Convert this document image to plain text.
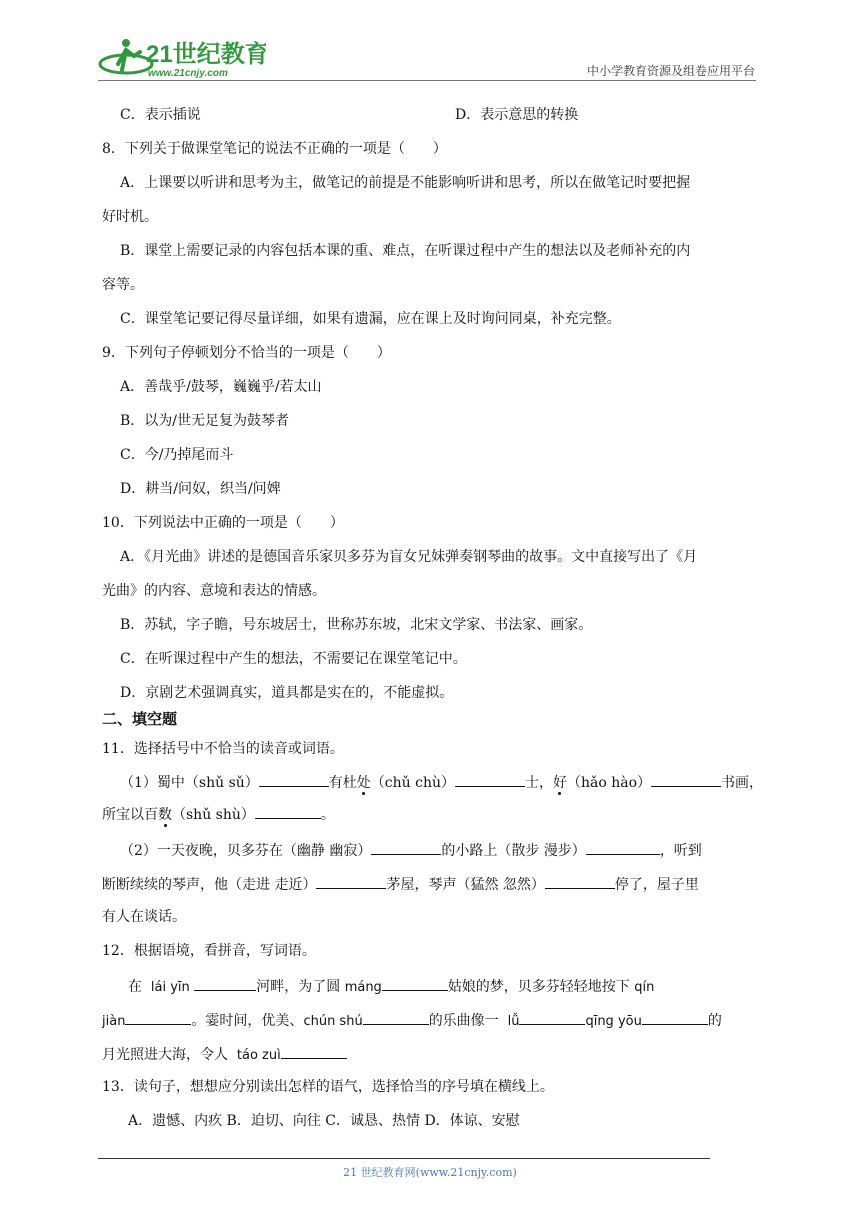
21世纪教育
www.21cnjy.com	中小学教育资源及组卷应用平台
C．表示插说	D．表示意思的转换
8．下列关于做课堂笔记的说法不正确的一项是（　　）
A．上课要以听讲和思考为主，做笔记的前提是不能影响听讲和思考，所以在做笔记时要把握
好时机。
B．课堂上需要记录的内容包括本课的重、难点，在听课过程中产生的想法以及老师补充的内
容等。
C．课堂笔记要记得尽量详细，如果有遗漏，应在课上及时询问同桌，补充完整。
9．下列句子停顿划分不恰当的一项是（　　）
A．善哉乎/鼓琴，巍巍乎/若太山
B．以为/世无足复为鼓琴者
C．今/乃掉尾而斗
D．耕当/问奴，织当/问婢
10．下列说法中正确的一项是（　　）
A．《月光曲》讲述的是德国音乐家贝多芬为盲女兄妹弹奏钢琴曲的故事。文中直接写出了《月
光曲》的内容、意境和表达的情感。
B．苏轼，字子瞻，号东坡居士，世称苏东坡，北宋文学家、书法家、画家。
C．在听课过程中产生的想法，不需要记在课堂笔记中。
D．京剧艺术强调真实，道具都是实在的，不能虚拟。
二、填空题
11．选择括号中不恰当的读音或词语。
（1）蜀中（shǔ sǔ）	有杜处（chǔ chù）	士，好（hǎo hào）	书画，
所宝以百数（shǔ shù）	。
（2）一天夜晚，贝多芬在（幽静 幽寂）	的小路上（散步 漫步）	，听到
断断续续的琴声，他（走进 走近）	茅屋，琴声（猛然 忽然）	停了，屋子里
有人在谈话。
12．根据语境，看拼音，写词语。
在 lái yīn	河畔，为了圆 máng	姑娘的梦，贝多芬轻轻地按下 qín
jiàn	。霎时间，优美、chún shú	的乐曲像一 lǚ	qīng yōu	的
月光照进大海，令人 táo zuì
13．读句子，想想应分别读出怎样的语气，选择恰当的序号填在横线上。
A．遗憾、内疚 B．迫切、向往 C．诚恳、热情 D．体谅、安慰
21 世纪教育网(www.21cnjy.com)
